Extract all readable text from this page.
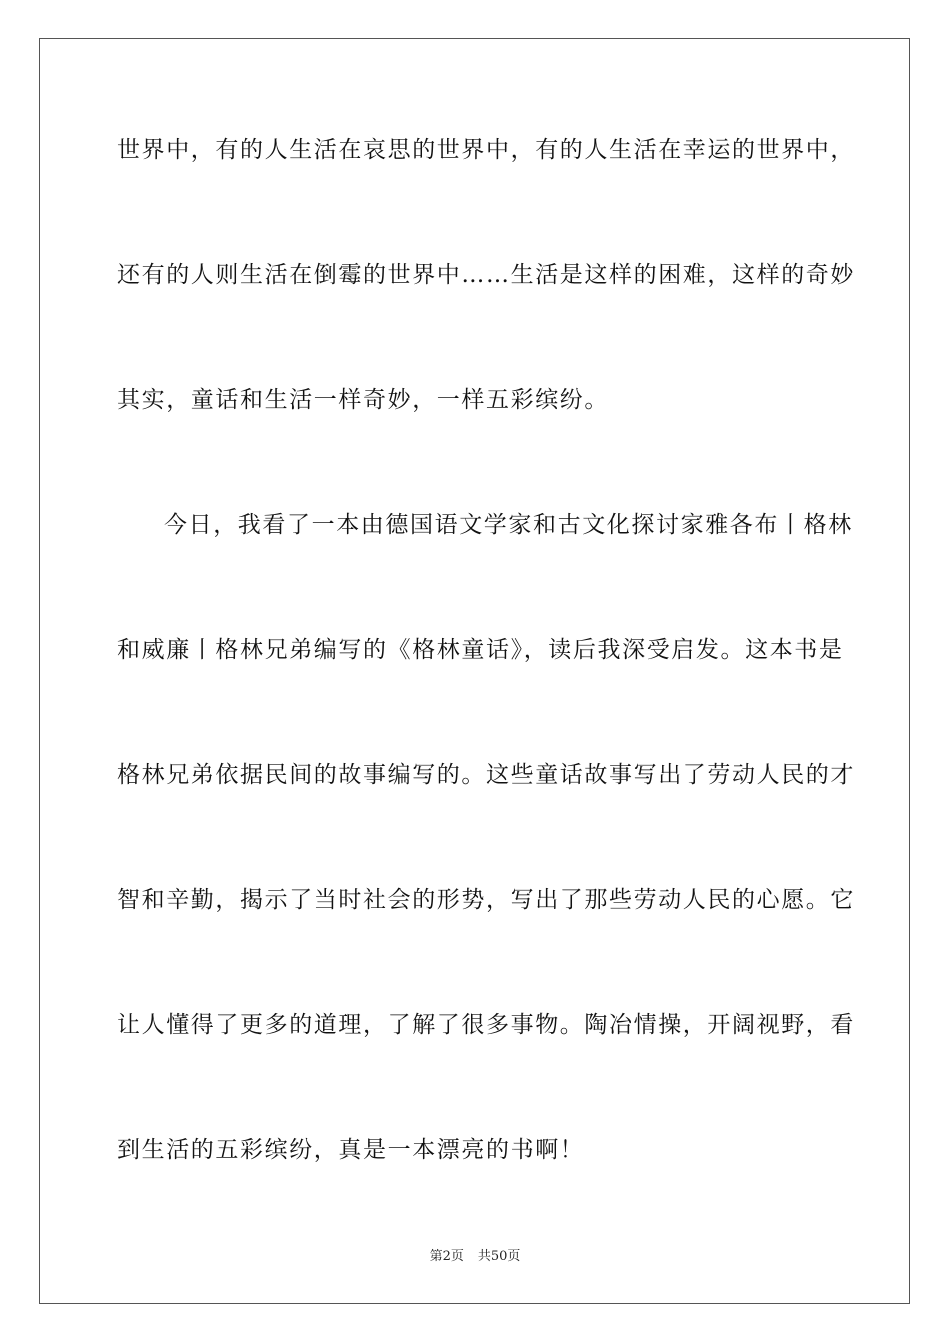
世界中，有的人生活在哀思的世界中，有的人生活在幸运的世界中，
还有的人则生活在倒霉的世界中……生活是这样的困难，这样的奇妙
其实，童话和生活一样奇妙，一样五彩缤纷。
今日，我看了一本由德国语文学家和古文化探讨家雅各布丨格林
和威廉丨格林兄弟编写的《格林童话》，读后我深受启发。这本书是
格林兄弟依据民间的故事编写的。这些童话故事写出了劳动人民的才
智和辛勤，揭示了当时社会的形势，写出了那些劳动人民的心愿。它
让人懂得了更多的道理，了解了很多事物。陶冶情操，开阔视野，看
到生活的五彩缤纷，真是一本漂亮的书啊！
第2页 共50页
